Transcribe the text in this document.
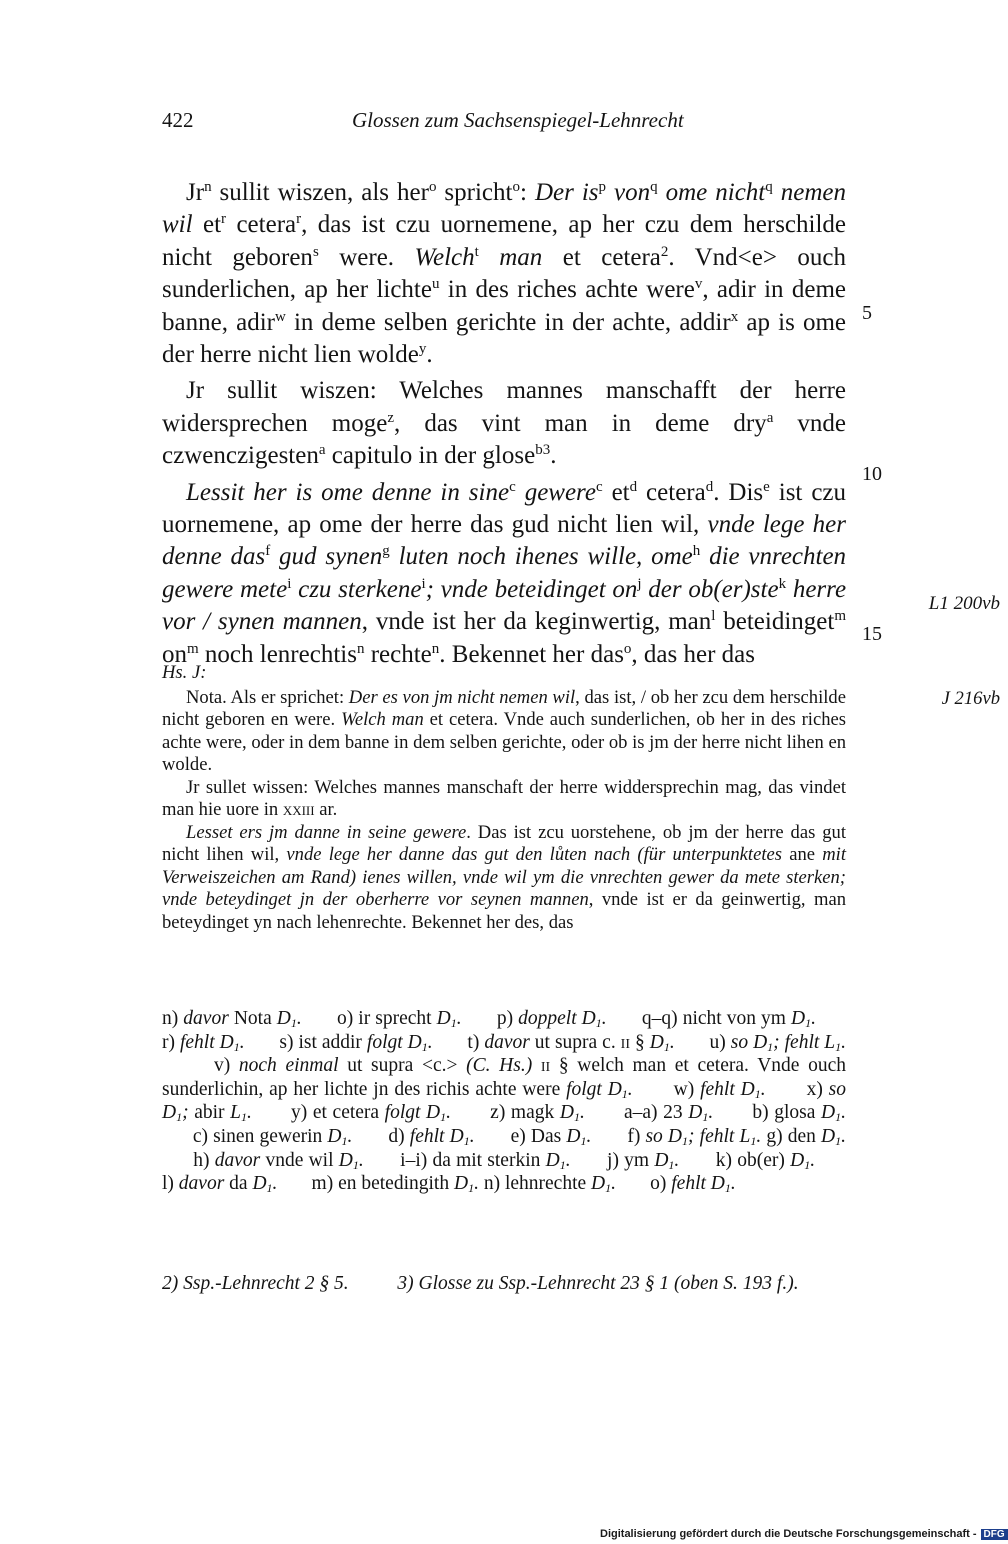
422	Glossen zum Sachsenspiegel-Lehnrecht

Jr$^n$ sullit wiszen, als her$^o$ spricht$^o$: Der $is^p$ von$^q$ ome nicht$^q$ nemen wil $et^r$ cetera$^r$, das ist czu uornemene, ap her czu dem herschilde nicht geboren$^s$ were. Welch$^t$ man et cetera$^2$. Vnd<e> ouch sunderlichen, ap her lichte$^u$ in des riches achte were$^v$, adir in deme banne, adir$^w$ in deme selben gerichte in der achte, addir$^x$ ap is ome der herre nicht lien wolde$^y$.

Jr sullit wiszen: Welches mannes manschafft der herre widersprechen moge$^z$, das vint man in deme dry$^a$ vnde czwenczigesten$^a$ capitulo in der glose$^{b3}$.

Lessit her is ome denne in sine$^c$ gewere$^c$ $et^d$ cetera$^d$. Dis$^e$ ist czu uornemene, ap ome der herre das gud nicht lien wil, vnde lege her denne das$^f$ gud synen$^g$ luten noch ihenes wille, ome$^h$ die vnrechten gewere mete$^i$ czu sterkene$^i$; vnde beteidinget $on^j$ der ob(er)ste$^k$ herre vor / synen mannen, vnde ist her da keginwertig, man$^l$ beteidinget$^m$ $on^m$ noch lenrechtis$^n$ rechte$^n$. Bekennet her das$^o$, das her das

5
10
15
L1 200vb

Hs. J:

Nota. Als er sprichet: Der es von jm nicht nemen wil, das ist, / ob her zcu dem herschilde nicht geboren en were. Welch man et cetera. Vnde auch sunderlichen, ob her in des riches achte were, oder in dem banne in dem selben gerichte, oder ob is jm der herre nicht lihen en wolde.

Jr sullet wissen: Welches mannes manschaft der herre widdersprechin mag, das vindet man hie uore in xxiii ar.

Lesset ers jm danne in seine gewere. Das ist zcu uorstehene, ob jm der herre das gut nicht lihen wil, vnde lege her danne das gut den lůten nach (für unterpunktetes ane mit Verweiszeichen am Rand) ienes willen, vnde wil ym die vnrechten gewer da mete sterken; vnde beteydinget jn der oberherre vor seynen mannen, vnde ist er da geinwertig, man beteydinget yn nach lehenrechte. Bekennet her des, das

J 216vb

n) davor Nota $D_1$.       o) ir sprecht $D_1$.       p) doppelt $D_1$.       q–q) nicht von ym $D_1$.       r) fehlt $D_1$.       s) ist addir folgt $D_1$.       t) davor ut supra c. ii § $D_1$.       u) so $D_1$; fehlt $L_1$.       v) noch einmal ut supra <c.> (C. Hs.) ii § welch man et cetera. Vnde ouch sunderlichin, ap her lichte jn des richis achte were folgt $D_1$.       w) fehlt $D_1$.       x) so $D_1$; abir $L_1$.       y) et cetera folgt $D_1$.       z) magk $D_1$.       a–a) 23 $D_1$.       b) glosa $D_1$.       c) sinen gewerin $D_1$.       d) fehlt $D_1$.       e) Das $D_1$.       f) so $D_1$; fehlt $L_1$. g) den $D_1$.       h) davor vnde wil $D_1$.       i–i) da mit sterkin $D_1$.       j) ym $D_1$.       k) ob(er) $D_1$.       l) davor da $D_1$.       m) en betedingith $D_1$. n) lehnrechte $D_1$.       o) fehlt $D_1$.

2) Ssp.-Lehnrecht 2 § 5.	3) Glosse zu Ssp.-Lehnrecht 23 § 1 (oben S. 193 f.).
Digitalisierung gefördert durch die Deutsche Forschungsgemeinschaft - DFG
